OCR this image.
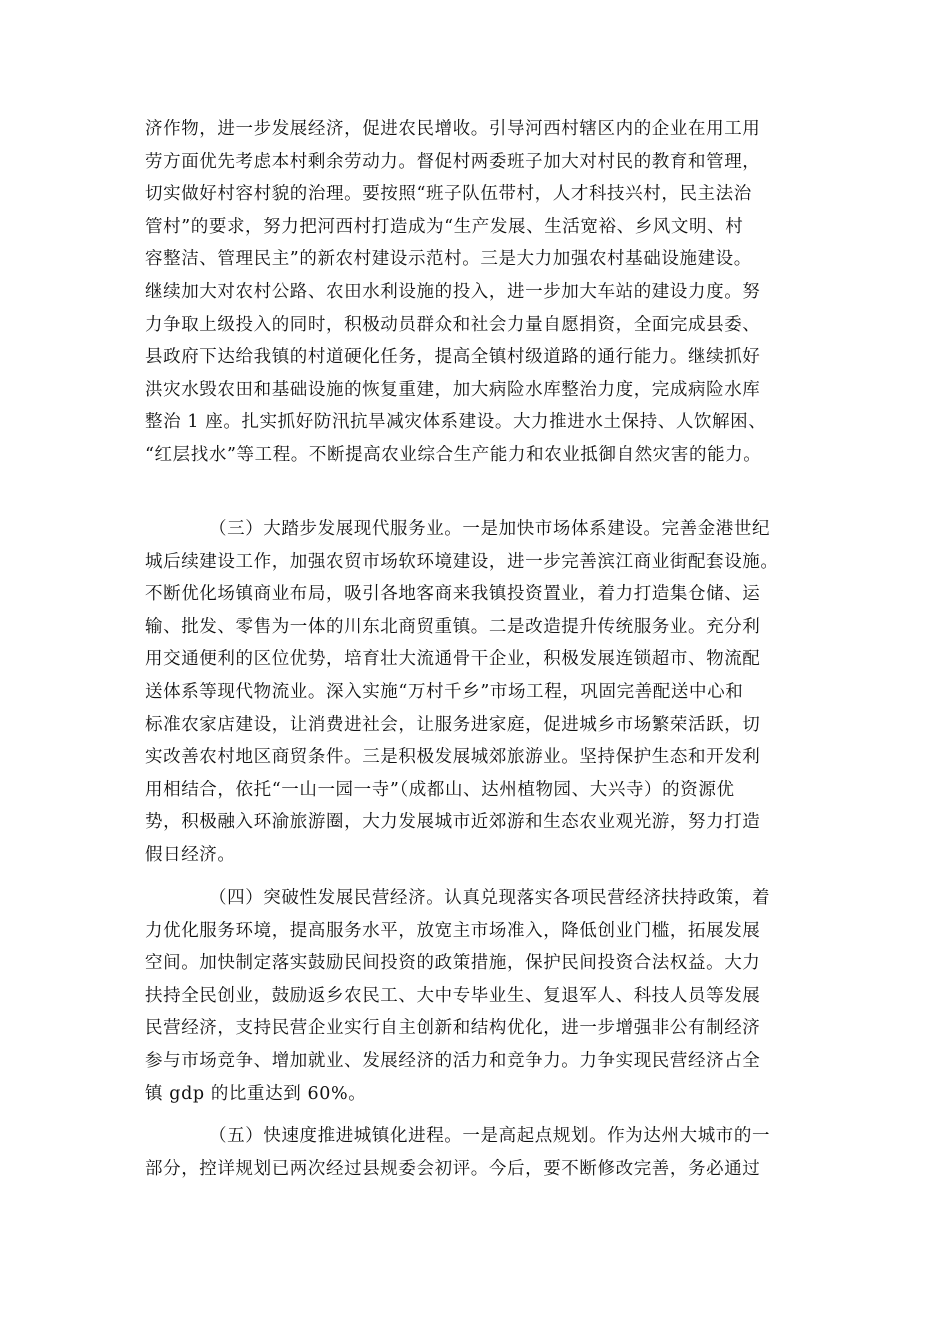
济作物，进一步发展经济，促进农民增收。引导河西村辖区内的企业在用工用
劳方面优先考虑本村剩余劳动力。督促村两委班子加大对村民的教育和管理，
切实做好村容村貌的治理。要按照“班子队伍带村，人才科技兴村，民主法治
管村”的要求，努力把河西村打造成为“生产发展、生活宽裕、乡风文明、村
容整洁、管理民主”的新农村建设示范村。三是大力加强农村基础设施建设。
继续加大对农村公路、农田水利设施的投入，进一步加大车站的建设力度。努
力争取上级投入的同时，积极动员群众和社会力量自愿捐资，全面完成县委、
县政府下达给我镇的村道硬化任务，提高全镇村级道路的通行能力。继续抓好
洪灾水毁农田和基础设施的恢复重建，加大病险水库整治力度，完成病险水库
整治 1 座。扎实抓好防汛抗旱减灾体系建设。大力推进水土保持、人饮解困、
“红层找水”等工程。不断提高农业综合生产能力和农业抵御自然灾害的能力。
（三）大踏步发展现代服务业。一是加快市场体系建设。完善金港世纪
城后续建设工作，加强农贸市场软环境建设，进一步完善滨江商业街配套设施。
不断优化场镇商业布局，吸引各地客商来我镇投资置业，着力打造集仓储、运
输、批发、零售为一体的川东北商贸重镇。二是改造提升传统服务业。充分利
用交通便利的区位优势，培育壮大流通骨干企业，积极发展连锁超市、物流配
送体系等现代物流业。深入实施“万村千乡”市场工程，巩固完善配送中心和
标准农家店建设，让消费进社会，让服务进家庭，促进城乡市场繁荣活跃，切
实改善农村地区商贸条件。三是积极发展城郊旅游业。坚持保护生态和开发利
用相结合，依托“一山一园一寺”（成都山、达州植物园、大兴寺）的资源优
势，积极融入环渝旅游圈，大力发展城市近郊游和生态农业观光游，努力打造
假日经济。
（四）突破性发展民营经济。认真兑现落实各项民营经济扶持政策，着
力优化服务环境，提高服务水平，放宽主市场准入，降低创业门槛，拓展发展
空间。加快制定落实鼓励民间投资的政策措施，保护民间投资合法权益。大力
扶持全民创业，鼓励返乡农民工、大中专毕业生、复退军人、科技人员等发展
民营经济，支持民营企业实行自主创新和结构优化，进一步增强非公有制经济
参与市场竞争、增加就业、发展经济的活力和竞争力。力争实现民营经济占全
镇 gdp 的比重达到 60%。
（五）快速度推进城镇化进程。一是高起点规划。作为达州大城市的一
部分，控详规划已两次经过县规委会初评。今后，要不断修改完善，务必通过
